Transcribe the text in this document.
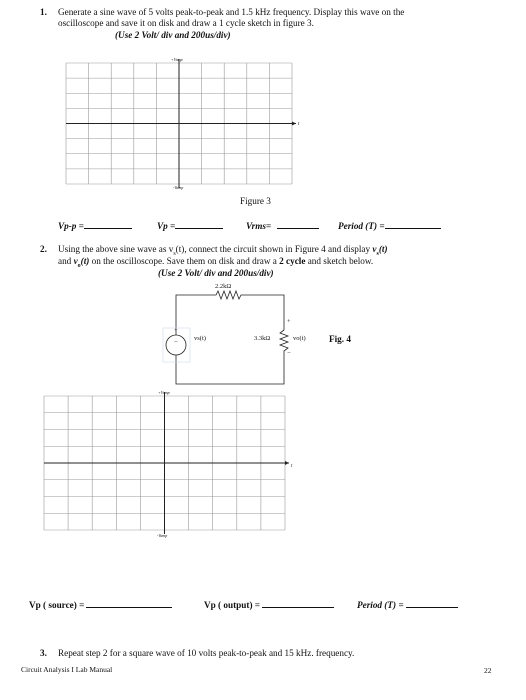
1. Generate a sine wave of 5 volts peak-to-peak and 1.5 kHz frequency. Display this wave on the
oscilloscope and save it on disk and draw a 1 cycle sketch in figure 3.
(Use 2 Volt/ div and 200us/div)
+Vamp
t
-Vamp
Figure 3
Vp-p =	Vp =	Vrms=	Period (T) =
2. Using the above sine wave as $v_s(t)$, connect the circuit shown in Figure 4 and display $v_s(t)$
and $v_o(t)$ on the oscilloscope. Save them on disk and draw a 2 cycle and sketch below.
(Use 2 Volt/ div and 200us/div)
2.2kΩ
3.3kΩ
vs(t)	vo(t)
+
−
+
−
Fig. 4
+Vamp
t
-Vamp
Vp ( source) =	Vp ( output) =	Period (T) =
3. Repeat step 2 for a square wave of 10 volts peak-to-peak and 15 kHz. frequency.
Circuit Analysis I Lab Manual	22
